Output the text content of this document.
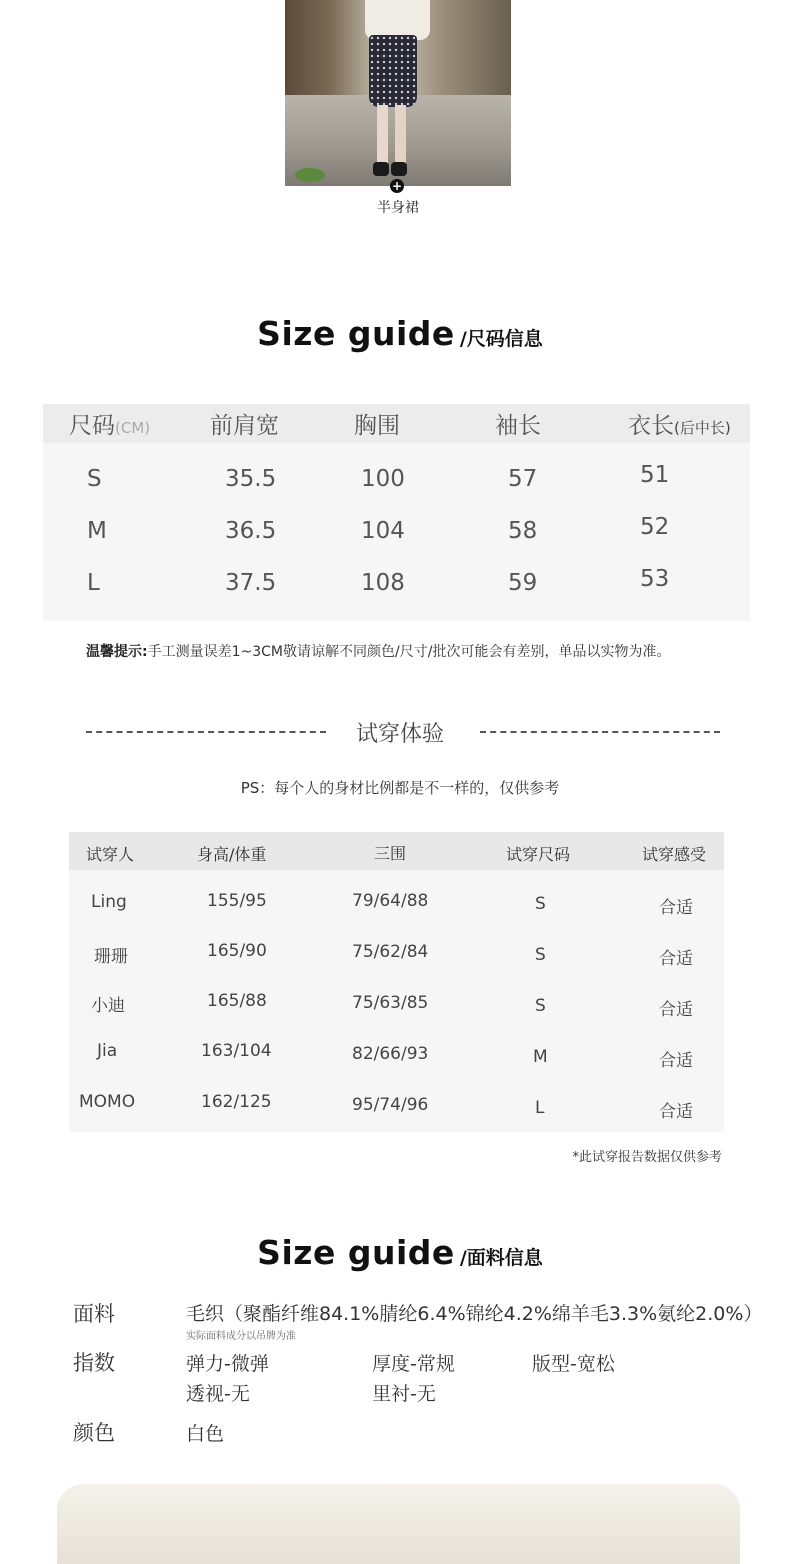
+
半身裙
Size guide /尺码信息
尺码(CM)	前肩宽	胸围	袖长	衣长(后中长)
S	35.5	100	57	51
M	36.5	104	58	52
L	37.5	108	59	53
温馨提示:手工测量误差1~3CM敬请谅解不同颜色/尺寸/批次可能会有差别，单品以实物为准。
试穿体验
PS：每个人的身材比例都是不一样的，仅供参考
试穿人	身高/体重	三围	试穿尺码	试穿感受
Ling	155/95	79/64/88	S	合适
珊珊	165/90	75/62/84	S	合适
小迪	165/88	75/63/85	S	合适
Jia	163/104	82/66/93	M	合适
MOMO	162/125	95/74/96	L	合适
*此试穿报告数据仅供参考
Size guide /面料信息
面料	毛织（聚酯纤维84.1%腈纶6.4%锦纶4.2%绵羊毛3.3%氨纶2.0%）
实际面料成分以吊牌为准
指数	弹力-微弹	厚度-常规	版型-宽松
透视-无	里衬-无
颜色	白色
